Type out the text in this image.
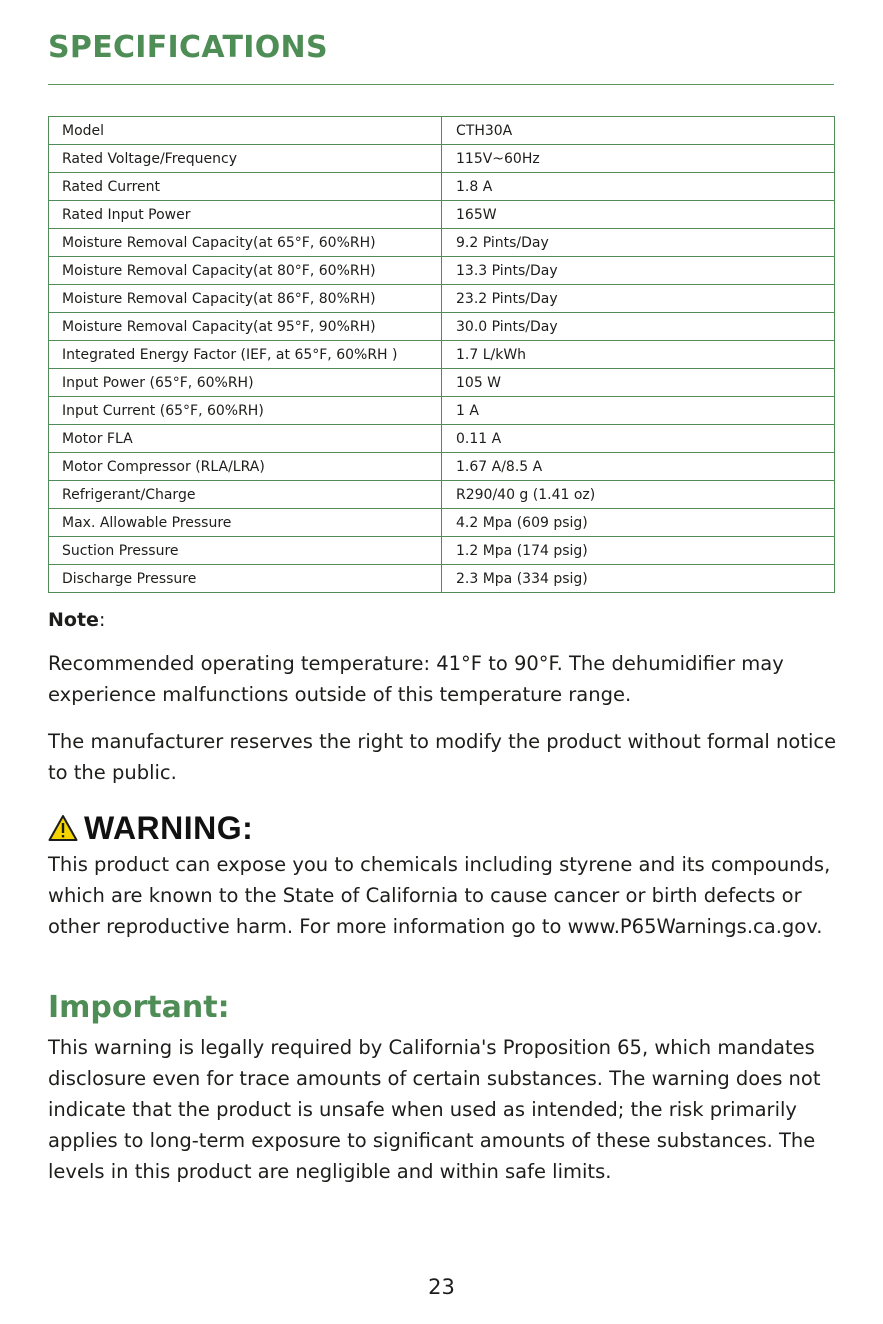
SPECIFICATIONS
Model	CTH30A
Rated Voltage/Frequency	115V~60Hz
Rated Current	1.8 A
Rated Input Power	165W
Moisture Removal Capacity(at 65°F, 60%RH)	9.2 Pints/Day
Moisture Removal Capacity(at 80°F, 60%RH)	13.3 Pints/Day
Moisture Removal Capacity(at 86°F, 80%RH)	23.2 Pints/Day
Moisture Removal Capacity(at 95°F, 90%RH)	30.0 Pints/Day
Integrated Energy Factor (IEF, at 65°F, 60%RH )	1.7 L/kWh
Input Power (65°F, 60%RH)	105 W
Input Current (65°F, 60%RH)	1 A
Motor FLA	0.11 A
Motor Compressor (RLA/LRA)	1.67 A/8.5 A
Refrigerant/Charge	R290/40 g (1.41 oz)
Max. Allowable Pressure	4.2 Mpa (609 psig)
Suction Pressure	1.2 Mpa (174 psig)
Discharge Pressure	2.3 Mpa (334 psig)
Note:

Recommended operating temperature: 41°F to 90°F. The dehumidifier may experience malfunctions outside of this temperature range.

The manufacturer reserves the right to modify the product without formal notice to the public.

WARNING:

This product can expose you to chemicals including styrene and its compounds, which are known to the State of California to cause cancer or birth defects or other reproductive harm. For more information go to www.P65Warnings.ca.gov.

Important:

This warning is legally required by California's Proposition 65, which mandates disclosure even for trace amounts of certain substances. The warning does not indicate that the product is unsafe when used as intended; the risk primarily applies to long-term exposure to significant amounts of these substances. The levels in this product are negligible and within safe limits.

23
